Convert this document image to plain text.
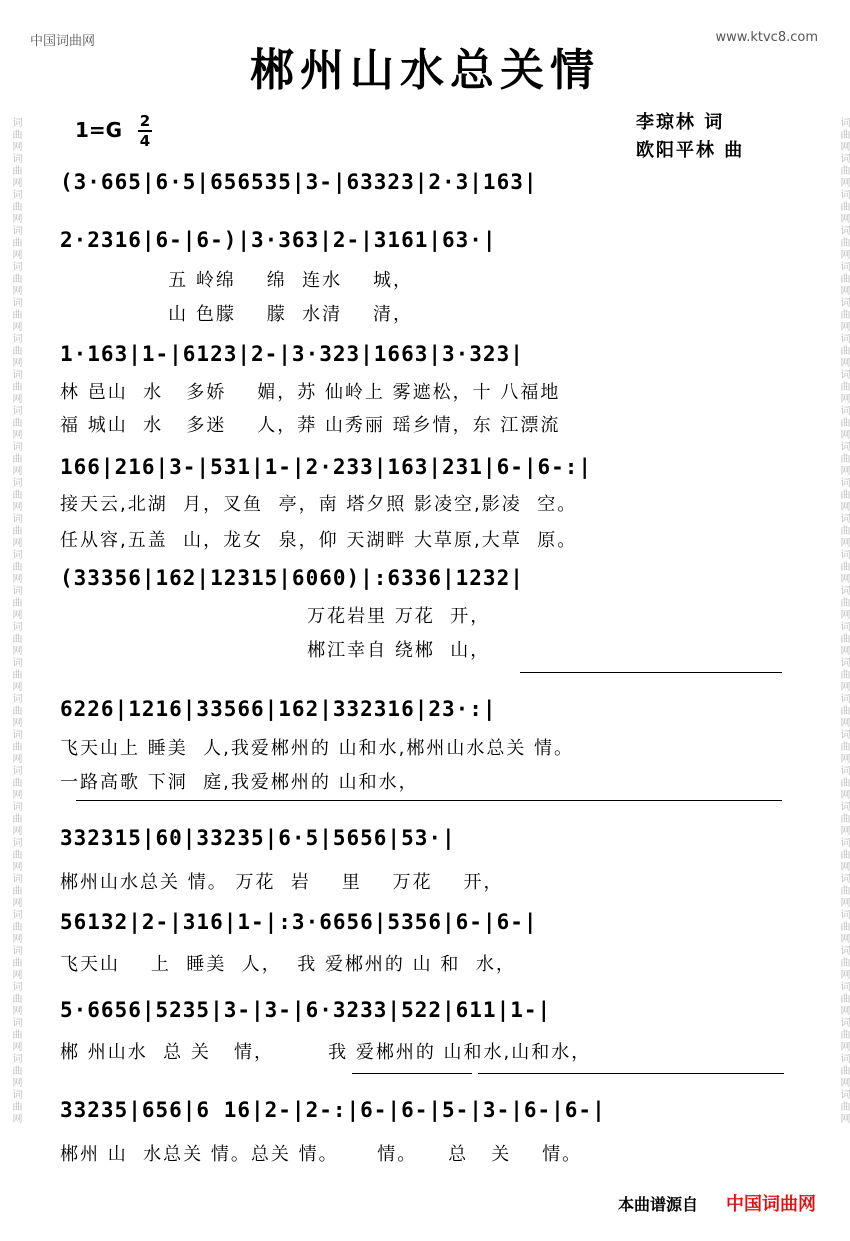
词曲网词曲网词曲网词曲网词曲网词曲网词曲网词曲网词曲网词曲网词曲网词曲网词曲网词曲网词曲网词曲网词曲网词曲网词曲网词曲网词曲网词曲网词曲网词曲网词曲网词曲网词曲网词曲网	词曲网词曲网词曲网词曲网词曲网词曲网词曲网词曲网词曲网词曲网词曲网词曲网词曲网词曲网词曲网词曲网词曲网词曲网词曲网词曲网词曲网词曲网词曲网词曲网词曲网词曲网词曲网词曲网
中国词曲网	www.ktvc8.com
郴州山水总关情
1=G 2
4
李琼林 词
欧阳平林 曲
(3·665|6·5|656535|3-|63323|2·3|163|
2·2316|6-|6-)|3·363|2-|3161|63·|
五 岭绵    绵  连水    城，
山 色朦    朦  水清    清，
1·163|1-|6123|2-|3·323|1663|3·323|
林 邑山  水   多娇    媚，苏 仙岭上 雾遮松，十 八福地
福 城山  水   多迷    人，莽 山秀丽 瑶乡情，东 江漂流
166|216|3-|531|1-|2·233|163|231|6-|6-:|
接天云,北湖  月，叉鱼  亭，南 塔夕照 影凌空,影凌  空。
任从容,五盖  山，龙女  泉，仰 天湖畔 大草原,大草  原。
(33356|162|12315|6060)|:6336|1232|
万花岩里 万花  开，
郴江幸自 绕郴  山，
6226|1216|33566|162|332316|23·:|
飞天山上 睡美  人,我爱郴州的 山和水,郴州山水总关 情。
一路高歌 下洞  庭,我爱郴州的 山和水，
332315|60|33235|6·5|5656|53·|
郴州山水总关 情。 万花  岩    里    万花    开，
56132|2-|316|1-|:3·6656|5356|6-|6-|
飞天山    上  睡美  人，  我 爱郴州的 山 和  水，
5·6656|5235|3-|3-|6·3233|522|611|1-|
郴 州山水  总 关   情，       我 爱郴州的 山和水,山和水，
33235|656|6 16|2-|2-:|6-|6-|5-|3-|6-|6-|
郴州 山  水总关 情。总关 情。     情。    总   关    情。
本曲谱源自 中国词曲网
